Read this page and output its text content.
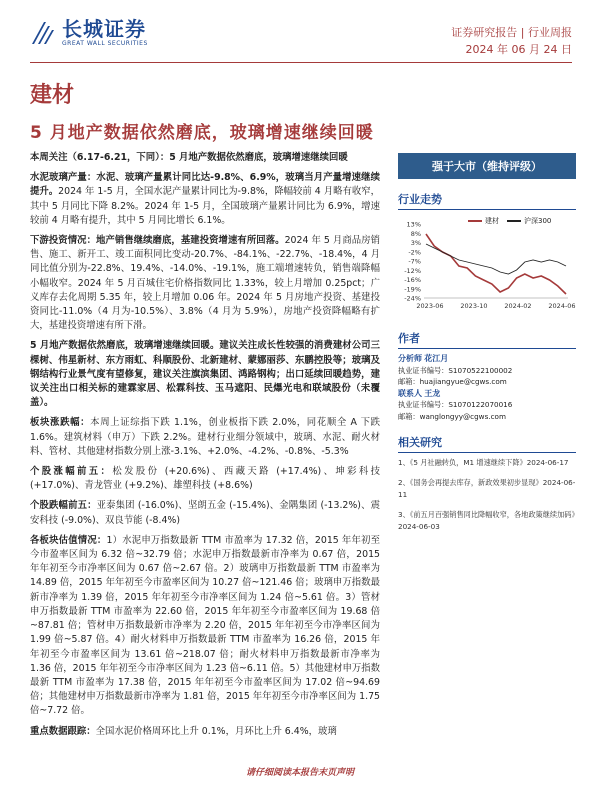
长城证券
GREAT WALL SECURITIES
证券研究报告 | 行业周报
2024 年 06 月 24 日
建材
5 月地产数据依然磨底，玻璃增速继续回暖

本周关注（6.17-6.21，下同）：5 月地产数据依然磨底，玻璃增速继续回暖

水泥玻璃产量：水泥、玻璃产量累计同比达-9.8%、6.9%，玻璃当月产量增速继续提升。2024 年 1-5 月，全国水泥产量累计同比为-9.8%，降幅较前 4 月略有收窄，其中 5 月同比下降 8.2%。2024 年 1-5 月，全国玻璃产量累计同比为 6.9%，增速较前 4 月略有提升，其中 5 月同比增长 6.1%。

下游投资情况：地产销售继续磨底，基建投资增速有所回落。2024 年 5 月商品房销售、施工、新开工、竣工面积同比变动-20.7%、-84.1%、-22.7%、-18.4%，4 月同比值分别为-22.8%、19.4%、-14.0%、-19.1%，施工端增速转负，销售端降幅小幅收窄。2024 年 5 月百城住宅价格指数同比 1.33%，较上月增加 0.25pct；广义库存去化周期 5.35 年，较上月增加 0.06 年。2024 年 5 月房地产投资、基建投资同比-11.0%（4 月为-10.5%）、3.8%（4 月为 5.9%），房地产投资降幅略有扩大，基建投资增速有所下滑。

5 月地产数据依然磨底，玻璃增速继续回暖。建议关注成长性较强的消费建材公司三棵树、伟星新材、东方雨虹、科顺股份、北新建材、蒙娜丽莎、东鹏控股等；玻璃及钢结构行业景气度有望修复，建议关注旗滨集团、鸿路钢构；出口延续回暖趋势，建议关注出口相关标的建霖家居、松霖科技、玉马遮阳、民爆光电和联域股份（未覆盖）。

板块涨跌幅：本周上证综指下跌 1.1%，创业板指下跌 2.0%，同花顺全 A 下跌 1.6%。建筑材料（申万）下跌 2.2%。建材行业细分领域中，玻璃、水泥、耐火材料、管材、其他建材指数分别上涨-3.1%、+2.0%、-4.2%、-0.8%、-5.3%

个股涨幅前五：松发股份 (+20.6%)、西藏天路 (+17.4%)、坤彩科技 (+17.0%)、青龙管业 (+9.2%)、雄塑科技 (+8.6%)

个股跌幅前五：亚泰集团 (-16.0%)、坚朗五金 (-15.4%)、金隅集团 (-13.2%)、震安科技 (-9.0%)、双良节能 (-8.4%)

各板块估值情况：1）水泥申万指数最新 TTM 市盈率为 17.32 倍，2015 年年初至今市盈率区间为 6.32 倍~32.79 倍；水泥申万指数最新市净率为 0.67 倍，2015 年年初至今市净率区间为 0.67 倍~2.67 倍。2）玻璃申万指数最新 TTM 市盈率为 14.89 倍，2015 年年初至今市盈率区间为 10.27 倍~121.46 倍；玻璃申万指数最新市净率为 1.39 倍，2015 年年初至今市净率区间为 1.24 倍~5.61 倍。3）管材申万指数最新 TTM 市盈率为 22.60 倍，2015 年年初至今市盈率区间为 19.68 倍~87.81 倍；管材申万指数最新市净率为 2.20 倍，2015 年年初至今市净率区间为 1.99 倍~5.87 倍。4）耐火材料申万指数最新 TTM 市盈率为 16.26 倍，2015 年年初至今市盈率区间为 13.61 倍~218.07 倍；耐火材料申万指数最新市净率为 1.36 倍，2015 年年初至今市净率区间为 1.23 倍~6.11 倍。5）其他建材申万指数最新 TTM 市盈率为 17.38 倍，2015 年年初至今市盈率区间为 17.02 倍~94.69 倍；其他建材申万指数最新市净率为 1.81 倍，2015 年年初至今市净率区间为 1.75 倍~7.72 倍。

重点数据跟踪：全国水泥价格周环比上升 0.1%，月环比上升 6.4%，玻璃

强于大市（维持评级）
行业走势
建材	沪深300
13%
8%
3%
-2%
-7%
-12%
-16%
-19%
-24%
2023-06	2023-10	2024-02	2024-06
作者
分析师 花江月
执业证书编号：S1070522100002
邮箱：huajiangyue@cgws.com
联系人 王龙
执业证书编号：S1070122070016
邮箱：wanglongyy@cgws.com
相关研究
1、《5 月社融转负，M1 增速继续下降》2024-06-17
2、《国务会再提去库存，新政效果初步显现》2024-06-11
3、《前五月百强销售同比降幅收窄，各地政策继续加码》2024-06-03
请仔细阅读本报告末页声明
